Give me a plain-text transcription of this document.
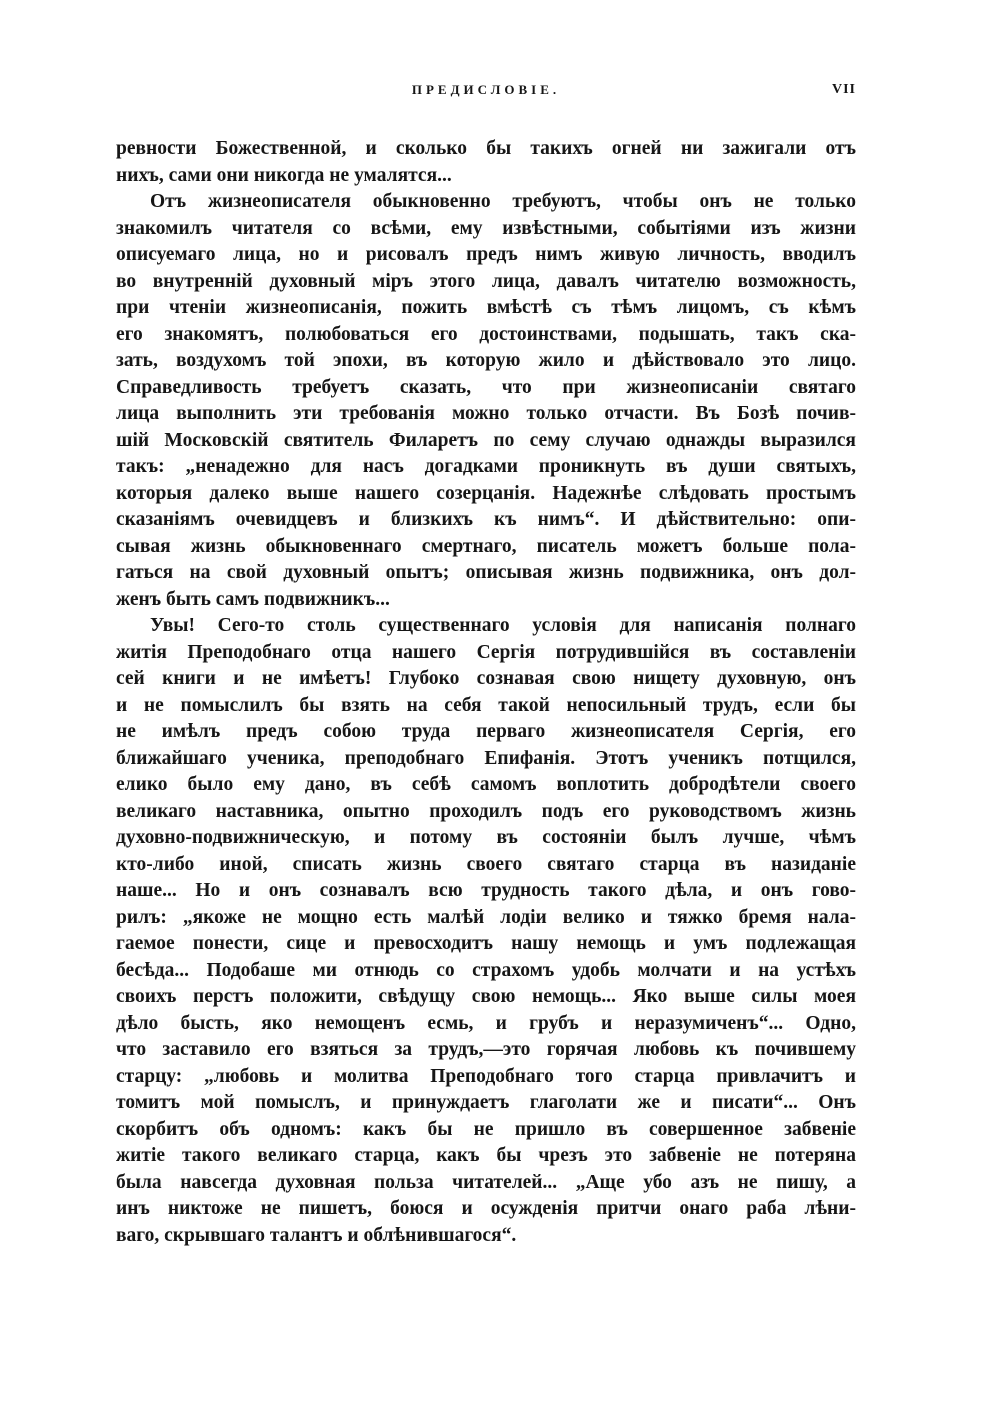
ПРЕДИСЛОВІЕ.	VII
ревности Божественной, и сколько бы такихъ огней ни зажигали отъ
нихъ, сами они никогда не умалятся...
Отъ жизнеописателя обыкновенно требуютъ, чтобы онъ не только
знакомилъ читателя со всѣми, ему извѣстными, событіями изъ жизни
описуемаго лица, но и рисовалъ предъ нимъ живую личность, вводилъ
во внутренній духовный міръ этого лица, давалъ читателю возможность,
при чтеніи жизнеописанія, пожить вмѣстѣ съ тѣмъ лицомъ, съ кѣмъ
его знакомятъ, полюбоваться его достоинствами, подышать, такъ ска-
зать, воздухомъ той эпохи, въ которую жило и дѣйствовало это лицо.
Справедливость требуетъ сказать, что при жизнеописаніи святаго
лица выполнить эти требованія можно только отчасти. Въ Бозѣ почив-
шій Московскій святитель Филаретъ по сему случаю однажды выразился
такъ: „ненадежно для насъ догадками проникнуть въ души святыхъ,
которыя далеко выше нашего созерцанія. Надежнѣе слѣдовать простымъ
сказаніямъ очевидцевъ и близкихъ къ нимъ“. И дѣйствительно: опи-
сывая жизнь обыкновеннаго смертнаго, писатель можетъ больше пола-
гаться на свой духовный опытъ; описывая жизнь подвижника, онъ дол-
женъ быть самъ подвижникъ...
Увы! Сего-то столь существеннаго условія для написанія полнаго
житія Преподобнаго отца нашего Сергія потрудившійся въ составленіи
сей книги и не имѣетъ! Глубоко сознавая свою нищету духовную, онъ
и не помыслилъ бы взять на себя такой непосильный трудъ, если бы
не имѣлъ предъ собою труда перваго жизнеописателя Сергія, его
ближайшаго ученика, преподобнаго Епифанія. Этотъ ученикъ потщился,
елико было ему дано, въ себѣ самомъ воплотить добродѣтели своего
великаго наставника, опытно проходилъ подъ его руководствомъ жизнь
духовно-подвижническую, и потому въ состояніи былъ лучше, чѣмъ
кто-либо иной, списать жизнь своего святаго старца въ назиданіе
наше... Но и онъ сознавалъ всю трудность такого дѣла, и онъ гово-
рилъ: „якоже не мощно есть малѣй лодіи велико и тяжко бремя нала-
гаемое понести, сице и превосходитъ нашу немощь и умъ подлежащая
бесѣда... Подобаше ми отнюдь со страхомъ удобь молчати и на устѣхъ
своихъ перстъ положити, свѣдущу свою немощь... Яко выше силы моея
дѣло бысть, яко немощенъ есмь, и грубъ и неразумиченъ“... Одно,
что заставило его взяться за трудъ,—это горячая любовь къ почившему
старцу: „любовь и молитва Преподобнаго того старца привлачитъ и
томитъ мой помыслъ, и принуждаетъ глаголати же и писати“... Онъ
скорбитъ объ одномъ: какъ бы не пришло въ совершенное забвеніе
житіе такого великаго старца, какъ бы чрезъ это забвеніе не потеряна
была навсегда духовная польза читателей... „Аще убо азъ не пишу, а
инъ никтоже не пишетъ, боюся и осужденія притчи онаго раба лѣни-
ваго, скрывшаго талантъ и облѣнившагося“.
